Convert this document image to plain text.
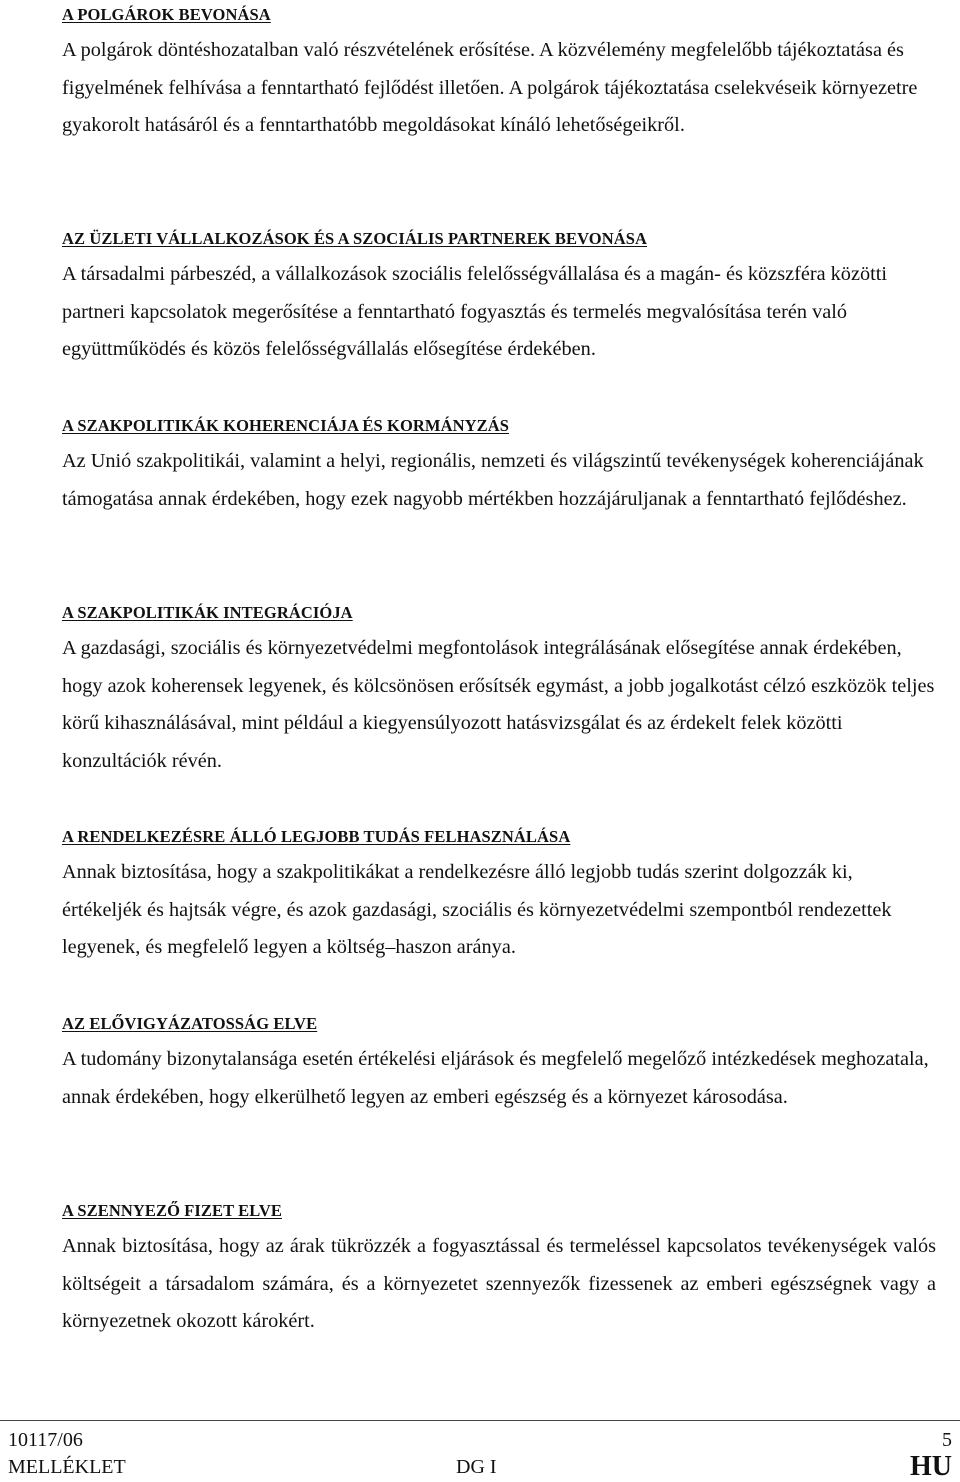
A POLGÁROK BEVONÁSA

A polgárok döntéshozatalban való részvételének erősítése. A közvélemény megfelelőbb tájékoztatása és figyelmének felhívása a fenntartható fejlődést illetően. A polgárok tájékoztatása cselekvéseik környezetre gyakorolt hatásáról és a fenntarthatóbb megoldásokat kínáló lehetőségeikről.

AZ ÜZLETI VÁLLALKOZÁSOK ÉS A SZOCIÁLIS PARTNEREK BEVONÁSA

A társadalmi párbeszéd, a vállalkozások szociális felelősségvállalása és a magán- és közszféra közötti partneri kapcsolatok megerősítése a fenntartható fogyasztás és termelés megvalósítása terén való együttműködés és közös felelősségvállalás elősegítése érdekében.

A SZAKPOLITIKÁK KOHERENCIÁJA ÉS KORMÁNYZÁS

Az Unió szakpolitikái, valamint a helyi, regionális, nemzeti és világszintű tevékenységek koherenciájának támogatása annak érdekében, hogy ezek nagyobb mértékben hozzájáruljanak a fenntartható fejlődéshez.

A SZAKPOLITIKÁK INTEGRÁCIÓJA

A gazdasági, szociális és környezetvédelmi megfontolások integrálásának elősegítése annak érdekében, hogy azok koherensek legyenek, és kölcsönösen erősítsék egymást, a jobb jogalkotást célzó eszközök teljes körű kihasználásával, mint például a kiegyensúlyozott hatásvizsgálat és az érdekelt felek közötti konzultációk révén.

A RENDELKEZÉSRE ÁLLÓ LEGJOBB TUDÁS FELHASZNÁLÁSA

Annak biztosítása, hogy a szakpolitikákat a rendelkezésre álló legjobb tudás szerint dolgozzák ki, értékeljék és hajtsák végre, és azok gazdasági, szociális és környezetvédelmi szempontból rendezettek legyenek, és megfelelő legyen a költség–haszon aránya.

AZ ELŐVIGYÁZATOSSÁG ELVE

A tudomány bizonytalansága esetén értékelési eljárások és megfelelő megelőző intézkedések meghozatala, annak érdekében, hogy elkerülhető legyen az emberi egészség és a környezet károsodása.

A SZENNYEZŐ FIZET ELVE

Annak biztosítása, hogy az árak tükrözzék a fogyasztással és termeléssel kapcsolatos tevékenységek valós költségeit a társadalom számára, és a környezetet szennyezők fizessenek az emberi egészségnek vagy a környezetnek okozott károkért.

10117/06	5
MELLÉKLET	DG I	HU
